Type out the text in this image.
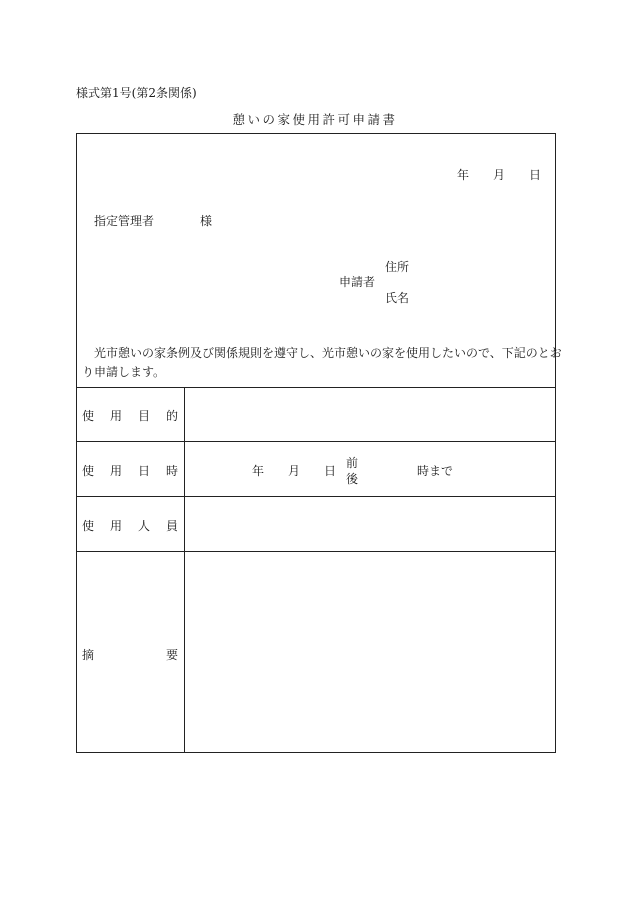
様式第1号(第2条関係)
憩いの家使用許可申請書
年 月 日
指定管理者	様
住所
申請者
氏名
光市憩いの家条例及び関係規則を遵守し、光市憩いの家を使用したいので、下記のとお
り申請します。
使 用 目 的
使 用 日 時	年 月 日
前
後
時まで
使 用 人 員
摘	要
